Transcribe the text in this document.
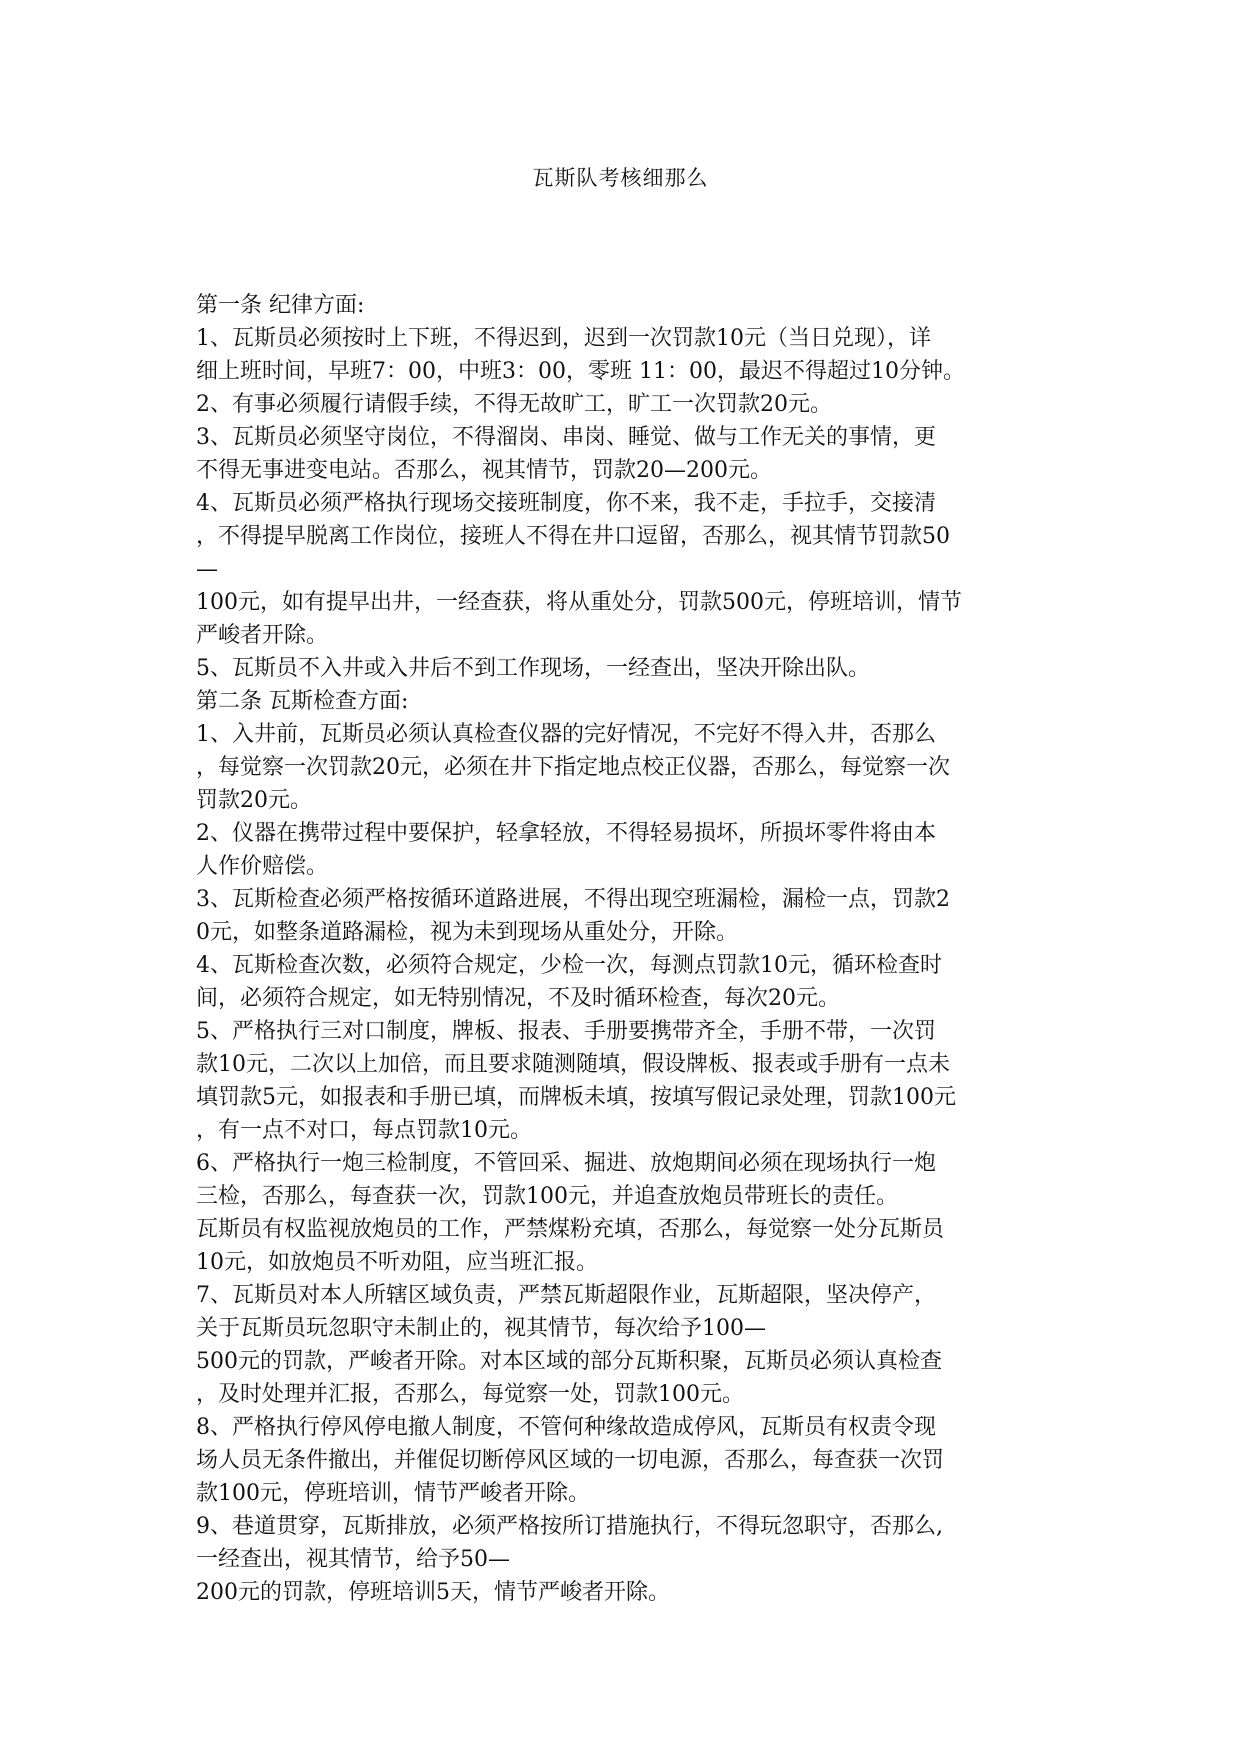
瓦斯队考核细那么

第一条 纪律方面:

1、瓦斯员必须按时上下班，不得迟到，迟到一次罚款10元（当日兑现），详

细上班时间，早班7：00，中班3：00，零班 11：00，最迟不得超过10分钟。

2、有事必须履行请假手续，不得无故旷工，旷工一次罚款20元。

3、瓦斯员必须坚守岗位，不得溜岗、串岗、睡觉、做与工作无关的事情，更

不得无事进变电站。否那么，视其情节，罚款20—200元。

4、瓦斯员必须严格执行现场交接班制度，你不来，我不走，手拉手，交接清

，不得提早脱离工作岗位，接班人不得在井口逗留，否那么，视其情节罚款50

—

100元，如有提早出井，一经查获，将从重处分，罚款500元，停班培训，情节

严峻者开除。

5、瓦斯员不入井或入井后不到工作现场，一经查出，坚决开除出队。

第二条 瓦斯检查方面:

1、入井前，瓦斯员必须认真检查仪器的完好情况，不完好不得入井，否那么

，每觉察一次罚款20元，必须在井下指定地点校正仪器，否那么，每觉察一次

罚款20元。

2、仪器在携带过程中要保护，轻拿轻放，不得轻易损坏，所损坏零件将由本

人作价赔偿。

3、瓦斯检查必须严格按循环道路进展，不得出现空班漏检，漏检一点，罚款2

0元，如整条道路漏检，视为未到现场从重处分，开除。

4、瓦斯检查次数，必须符合规定，少检一次，每测点罚款10元，循环检查时

间，必须符合规定，如无特别情况，不及时循环检查，每次20元。

5、严格执行三对口制度，牌板、报表、手册要携带齐全，手册不带，一次罚

款10元，二次以上加倍，而且要求随测随填，假设牌板、报表或手册有一点未

填罚款5元，如报表和手册已填，而牌板未填，按填写假记录处理，罚款100元

，有一点不对口，每点罚款10元。

6、严格执行一炮三检制度，不管回采、掘进、放炮期间必须在现场执行一炮

三检，否那么，每查获一次，罚款100元，并追查放炮员带班长的责任。

瓦斯员有权监视放炮员的工作，严禁煤粉充填，否那么，每觉察一处分瓦斯员

10元，如放炮员不听劝阻，应当班汇报。

7、瓦斯员对本人所辖区域负责，严禁瓦斯超限作业，瓦斯超限，坚决停产，

关于瓦斯员玩忽职守未制止的，视其情节，每次给予100—

500元的罚款，严峻者开除。对本区域的部分瓦斯积聚，瓦斯员必须认真检查

，及时处理并汇报，否那么，每觉察一处，罚款100元。

8、严格执行停风停电撤人制度，不管何种缘故造成停风，瓦斯员有权责令现

场人员无条件撤出，并催促切断停风区域的一切电源，否那么，每查获一次罚

款100元，停班培训，情节严峻者开除。

9、巷道贯穿，瓦斯排放，必须严格按所订措施执行，不得玩忽职守，否那么,

一经查出，视其情节，给予50—

200元的罚款，停班培训5天，情节严峻者开除。
